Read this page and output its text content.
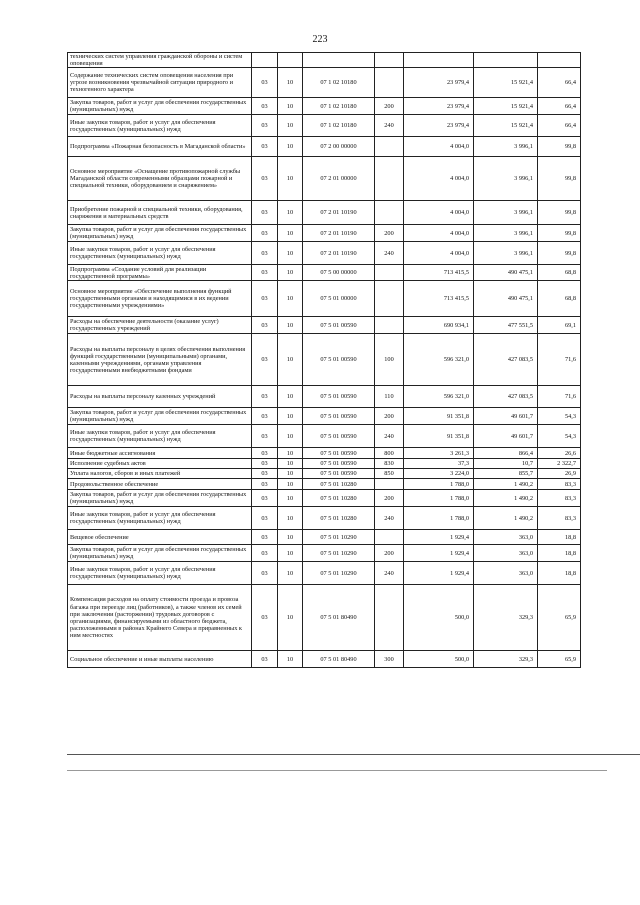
223
технических систем управления гражданской обороны и систем оповещения							
Содержание технических систем оповещения населения при угрозе возникновения чрезвычайной ситуации природного и техногенного характера	03	10	07 1 02 10180		23 979,4	15 921,4	66,4
Закупка товаров, работ и услуг для обеспечения государственных (муниципальных) нужд	03	10	07 1 02 10180	200	23 979,4	15 921,4	66,4
Иные закупки товаров, работ и услуг для обеспечения государственных (муниципальных) нужд	03	10	07 1 02 10180	240	23 979,4	15 921,4	66,4
Подпрограмма «Пожарная безопасность в Магаданской области»	03	10	07 2 00 00000		4 004,0	3 996,1	99,8
Основное мероприятие «Оснащение противопожарной службы Магаданской области современными образцами пожарной и специальной техники, оборудованием и снаряжением»	03	10	07 2 01 00000		4 004,0	3 996,1	99,8
Приобретение пожарной и специальной техники, оборудования, снаряжения и материальных средств	03	10	07 2 01 10190		4 004,0	3 996,1	99,8
Закупка товаров, работ и услуг для обеспечения государственных (муниципальных) нужд	03	10	07 2 01 10190	200	4 004,0	3 996,1	99,8
Иные закупки товаров, работ и услуг для обеспечения государственных (муниципальных) нужд	03	10	07 2 01 10190	240	4 004,0	3 996,1	99,8
Подпрограмма «Создание условий для реализации государственной программы»	03	10	07 5 00 00000		713 415,5	490 475,1	68,8
Основное мероприятие «Обеспечение выполнения функций государственными органами и находящимися в их ведении государственными учреждениями»	03	10	07 5 01 00000		713 415,5	490 475,1	68,8
Расходы на обеспечение деятельности (оказание услуг) государственных учреждений	03	10	07 5 01 00590		690 934,1	477 551,5	69,1
Расходы на выплаты персоналу в целях обеспечения выполнения функций государственными (муниципальными) органами, казенными учреждениями, органами управления государственными внебюджетными фондами	03	10	07 5 01 00590	100	596 321,0	427 083,5	71,6
Расходы на выплаты персоналу казенных учреждений	03	10	07 5 01 00590	110	596 321,0	427 083,5	71,6
Закупка товаров, работ и услуг для обеспечения государственных (муниципальных) нужд	03	10	07 5 01 00590	200	91 351,8	49 601,7	54,3
Иные закупки товаров, работ и услуг для обеспечения государственных (муниципальных) нужд	03	10	07 5 01 00590	240	91 351,8	49 601,7	54,3
Иные бюджетные ассигнования	03	10	07 5 01 00590	800	3 261,3	866,4	26,6
Исполнение судебных актов	03	10	07 5 01 00590	830	37,3	10,7	2 322,7
Уплата налогов, сборов и иных платежей	03	10	07 5 01 00590	850	3 224,0	855,7	26,9
Продовольственное обеспечение	03	10	07 5 01 10280		1 788,0	1 490,2	83,3
Закупка товаров, работ и услуг для обеспечения государственных (муниципальных) нужд	03	10	07 5 01 10280	200	1 788,0	1 490,2	83,3
Иные закупки товаров, работ и услуг для обеспечения государственных (муниципальных) нужд	03	10	07 5 01 10280	240	1 788,0	1 490,2	83,3
Вещевое обеспечение	03	10	07 5 01 10290		1 929,4	363,0	18,8
Закупка товаров, работ и услуг для обеспечения государственных (муниципальных) нужд	03	10	07 5 01 10290	200	1 929,4	363,0	18,8
Иные закупки товаров, работ и услуг для обеспечения государственных (муниципальных) нужд	03	10	07 5 01 10290	240	1 929,4	363,0	18,8
Компенсация расходов на оплату стоимости проезда и провоза багажа при переезде лиц (работников), а также членов их семей при заключении (расторжении) трудовых договоров с организациями, финансируемыми из областного бюджета, расположенными в районах Крайнего Севера и приравненных к ним местностях	03	10	07 5 01 80490		500,0	329,3	65,9
Социальное обеспечение и иные выплаты населению	03	10	07 5 01 80490	300	500,0	329,3	65,9
